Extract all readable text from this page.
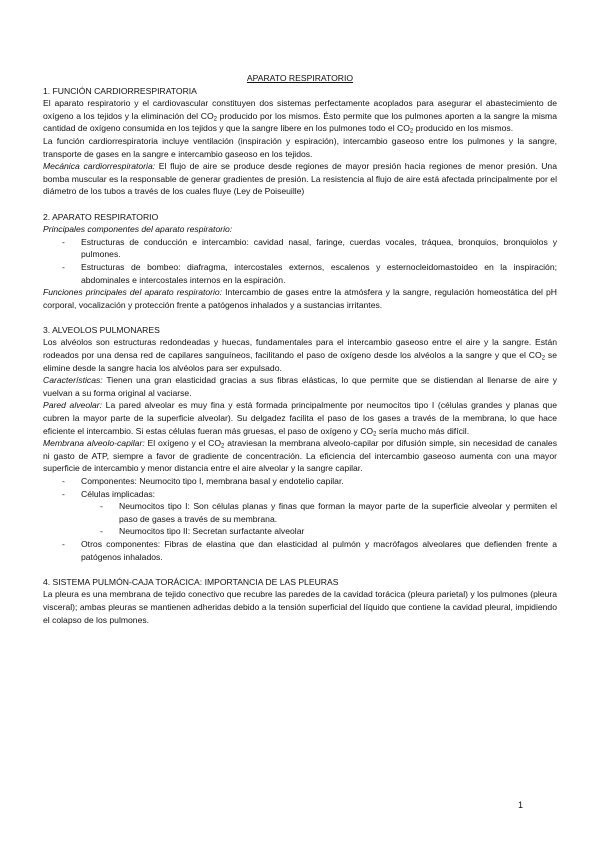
APARATO RESPIRATORIO

1. FUNCIÓN CARDIORRESPIRATORIA

El aparato respiratorio y el cardiovascular constituyen dos sistemas perfectamente acoplados para asegurar el abastecimiento de oxígeno a los tejidos y la eliminación del $CO_2$ producido por los mismos. Ésto permite que los pulmones aporten a la sangre la misma cantidad de oxígeno consumida en los tejidos y que la sangre libere en los pulmones todo el $CO_2$ producido en los mismos.

La función cardiorrespiratoria incluye ventilación (inspiración y espiración), intercambio gaseoso entre los pulmones y la sangre, transporte de gases en la sangre e intercambio gaseoso en los tejidos.

Mecánica cardiorrespiratoria: El flujo de aire se produce desde regiones de mayor presión hacia regiones de menor presión. Una bomba muscular es la responsable de generar gradientes de presión. La resistencia al flujo de aire está afectada principalmente por el diámetro de los tubos a través de los cuales fluye (Ley de Poiseuille)

2. APARATO RESPIRATORIO

Principales componentes del aparato respiratorio:

- Estructuras de conducción e intercambio: cavidad nasal, faringe, cuerdas vocales, tráquea, bronquios, bronquiolos y pulmones.
- Estructuras de bombeo: diafragma, intercostales externos, escalenos y esternocleidomastoideo en la inspiración; abdominales e intercostales internos en la espiración.

Funciones principales del aparato respiratorio: Intercambio de gases entre la atmósfera y la sangre, regulación homeostática del pH corporal, vocalización y protección frente a patógenos inhalados y a sustancias irritantes.

3. ALVEOLOS PULMONARES

Los alvéolos son estructuras redondeadas y huecas, fundamentales para el intercambio gaseoso entre el aire y la sangre. Están rodeados por una densa red de capilares sanguíneos, facilitando el paso de oxígeno desde los alvéolos a la sangre y que el $CO_2$ se elimine desde la sangre hacia los alvéolos para ser expulsado.

Características: Tienen una gran elasticidad gracias a sus fibras elásticas, lo que permite que se distiendan al llenarse de aire y vuelvan a su forma original al vaciarse.

Pared alveolar: La pared alveolar es muy fina y está formada principalmente por neumocitos tipo I (células grandes y planas que cubren la mayor parte de la superficie alveolar). Su delgadez facilita el paso de los gases a través de la membrana, lo que hace eficiente el intercambio. Si estas células fueran más gruesas, el paso de oxígeno y $CO_2$ sería mucho más difícil.

Membrana alveolo-capilar: El oxígeno y el $CO_2$ atraviesan la membrana alveolo-capilar por difusión simple, sin necesidad de canales ni gasto de ATP, siempre a favor de gradiente de concentración. La eficiencia del intercambio gaseoso aumenta con una mayor superficie de intercambio y menor distancia entre el aire alveolar y la sangre capilar.

- Componentes: Neumocito tipo I, membrana basal y endotelio capilar.
- Células implicadas:
- Neumocitos tipo I: Son células planas y finas que forman la mayor parte de la superficie alveolar y permiten el paso de gases a través de su membrana.
- Neumocitos tipo II: Secretan surfactante alveolar
- Otros componentes: Fibras de elastina que dan elasticidad al pulmón y macrófagos alveolares que defienden frente a patógenos inhalados.
4. SISTEMA PULMÓN-CAJA TORÁCICA: IMPORTANCIA DE LAS PLEURAS

La pleura es una membrana de tejido conectivo que recubre las paredes de la cavidad torácica (pleura parietal) y los pulmones (pleura visceral); ambas pleuras se mantienen adheridas debido a la tensión superficial del líquido que contiene la cavidad pleural, impidiendo el colapso de los pulmones.

1
